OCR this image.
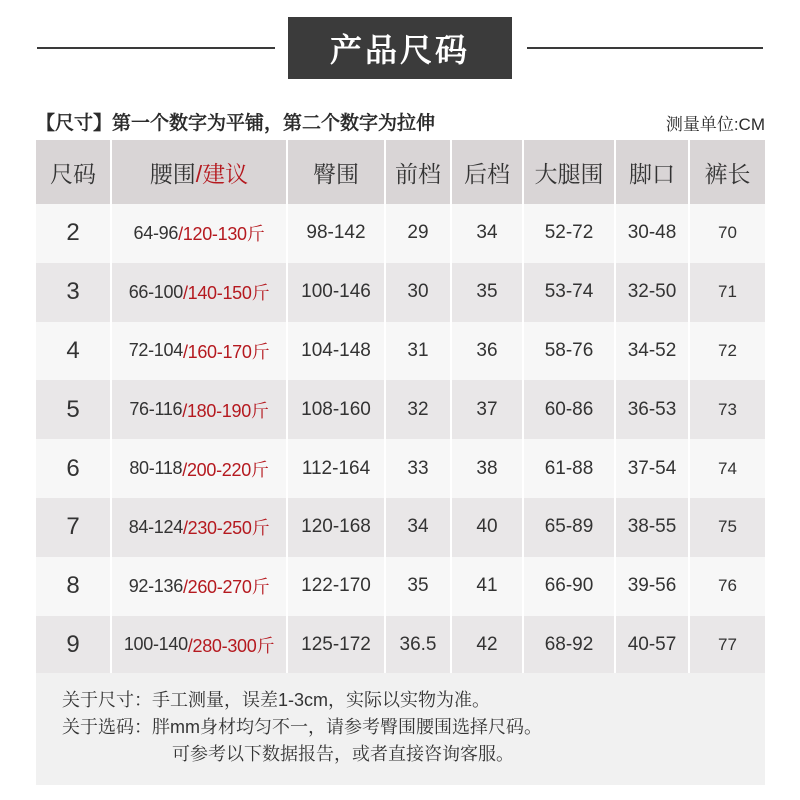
产品尺码
【尺寸】第一个数字为平铺，第二个数字为拉伸	测量单位:CM
尺码	腰围 /建议	臀围	前档	后档	大腿围	脚口	裤长
2	64-96 /120-130斤	98-142	29	34	52-72	30-48	70
3	66-100 /140-150斤	100-146	30	35	53-74	32-50	71
4	72-104 /160-170斤	104-148	31	36	58-76	34-52	72
5	76-116 /180-190斤	108-160	32	37	60-86	36-53	73
6	80-118 /200-220斤	112-164	33	38	61-88	37-54	74
7	84-124 /230-250斤	120-168	34	40	65-89	38-55	75
8	92-136 /260-270斤	122-170	35	41	66-90	39-56	76
9	100-140 /280-300斤	125-172	36.5	42	68-92	40-57	77

关于尺寸：手工测量，误差1-3cm，实际以实物为准。

关于选码：胖mm身材均匀不一，请参考臀围腰围选择尺码。

可参考以下数据报告，或者直接咨询客服。
